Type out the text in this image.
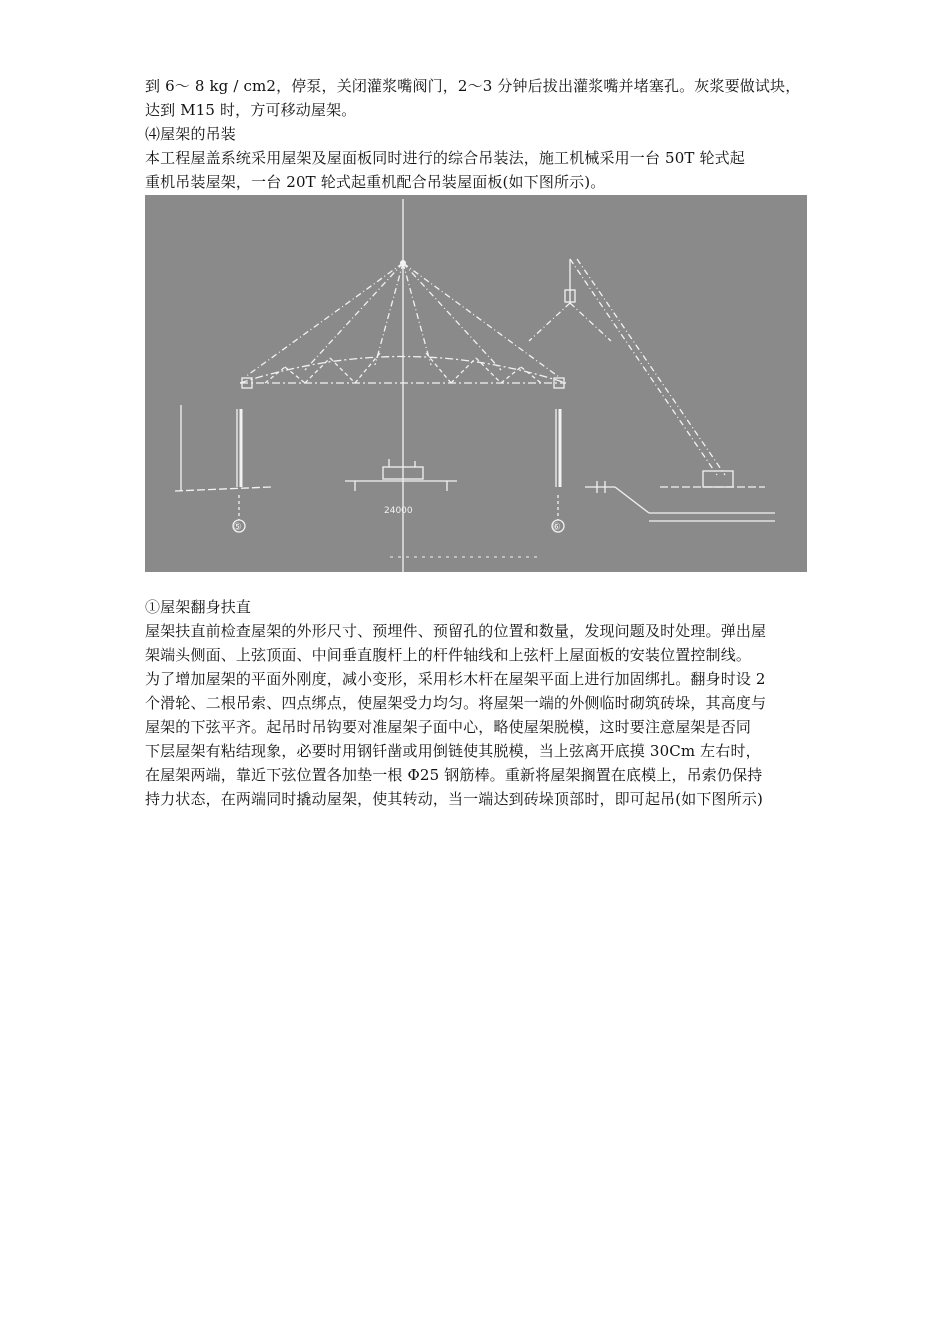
到 6～ 8 kg / cm2，停泵，关闭灌浆嘴阀门，2～3 分钟后拔出灌浆嘴并堵塞孔。灰浆要做试块，
达到 M15 时，方可移动屋架。
⑷屋架的吊装
本工程屋盖系统采用屋架及屋面板同时进行的综合吊装法，施工机械采用一台 50T 轮式起
重机吊装屋架，一台 20T 轮式起重机配合吊装屋面板(如下图所示)。
⑤	⑥
24000
①屋架翻身扶直
屋架扶直前检查屋架的外形尺寸、预埋件、预留孔的位置和数量，发现问题及时处理。弹出屋
架端头侧面、上弦顶面、中间垂直腹杆上的杆件轴线和上弦杆上屋面板的安装位置控制线。
为了增加屋架的平面外刚度，减小变形，采用杉木杆在屋架平面上进行加固绑扎。翻身时设 2
个滑轮、二根吊索、四点绑点，使屋架受力均匀。将屋架一端的外侧临时砌筑砖垛，其高度与
屋架的下弦平齐。起吊时吊钩要对准屋架子面中心，略使屋架脱模，这时要注意屋架是否同
下层屋架有粘结现象，必要时用钢钎凿或用倒链使其脱模，当上弦离开底摸 30Cm 左右时，
在屋架两端，靠近下弦位置各加垫一根 Φ25 钢筋棒。重新将屋架搁置在底模上，吊索仍保持
持力状态，在两端同时撬动屋架，使其转动，当一端达到砖垛顶部时，即可起吊(如下图所示)
